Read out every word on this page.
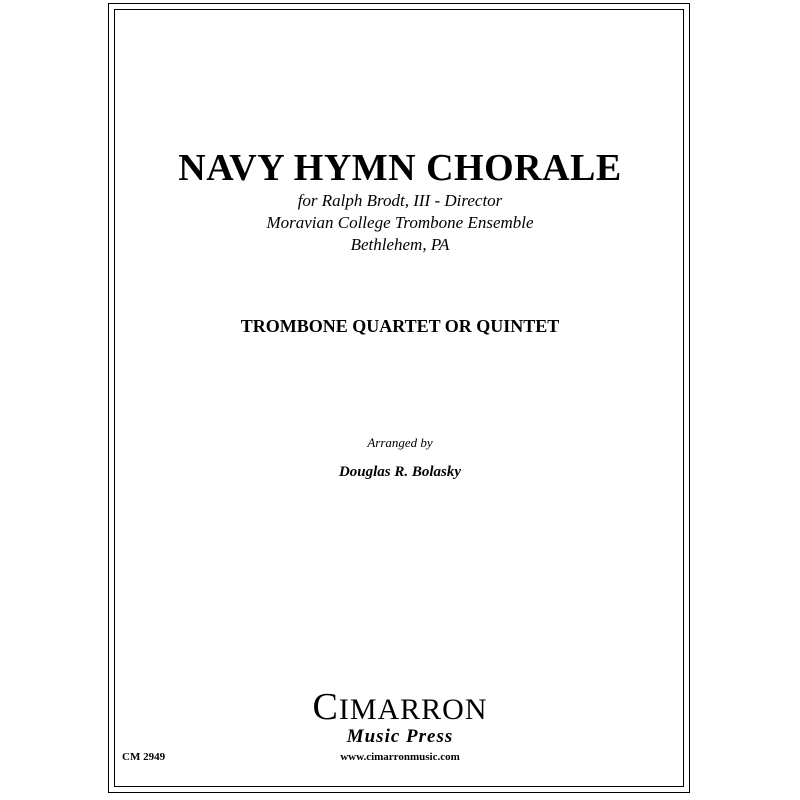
NAVY HYMN CHORALE
for Ralph Brodt, III - Director
Moravian College Trombone Ensemble
Bethlehem, PA
TROMBONE QUARTET OR QUINTET
Arranged by
Douglas R. Bolasky
CIMARRON
Music Press
www.cimarronmusic.com
CM 2949
